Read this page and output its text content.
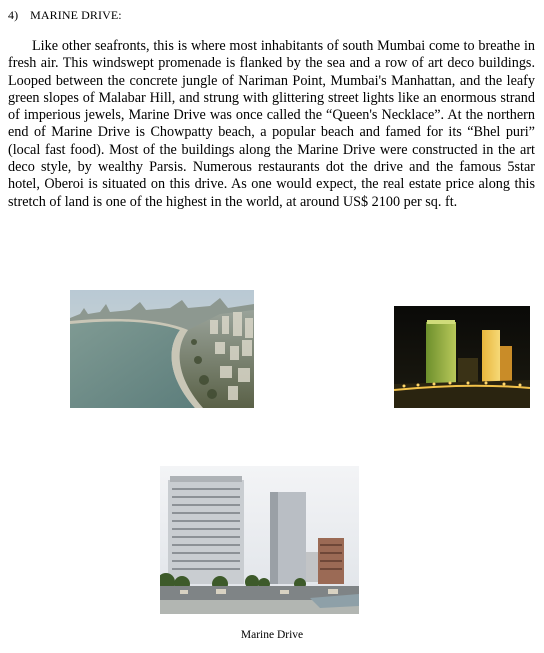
4) MARINE DRIVE:

Like other seafronts, this is where most inhabitants of south Mumbai come to breathe in fresh air. This windswept promenade is flanked by the sea and a row of art deco buildings. Looped between the concrete jungle of Nariman Point, Mumbai's Manhattan, and the leafy green slopes of Malabar Hill, and strung with glittering street lights like an enormous strand of imperious jewels, Marine Drive was once called the “Queen's Necklace”. At the northern end of Marine Drive is Chowpatty beach, a popular beach and famed for its “Bhel puri” (local fast food). Most of the buildings along the Marine Drive were constructed in the art deco style, by wealthy Parsis. Numerous restaurants dot the drive and the famous 5star hotel, Oberoi is situated on this drive. As one would expect, the real estate price along this stretch of land is one of the highest in the world, at around US$ 2100 per sq. ft.

Marine Drive
